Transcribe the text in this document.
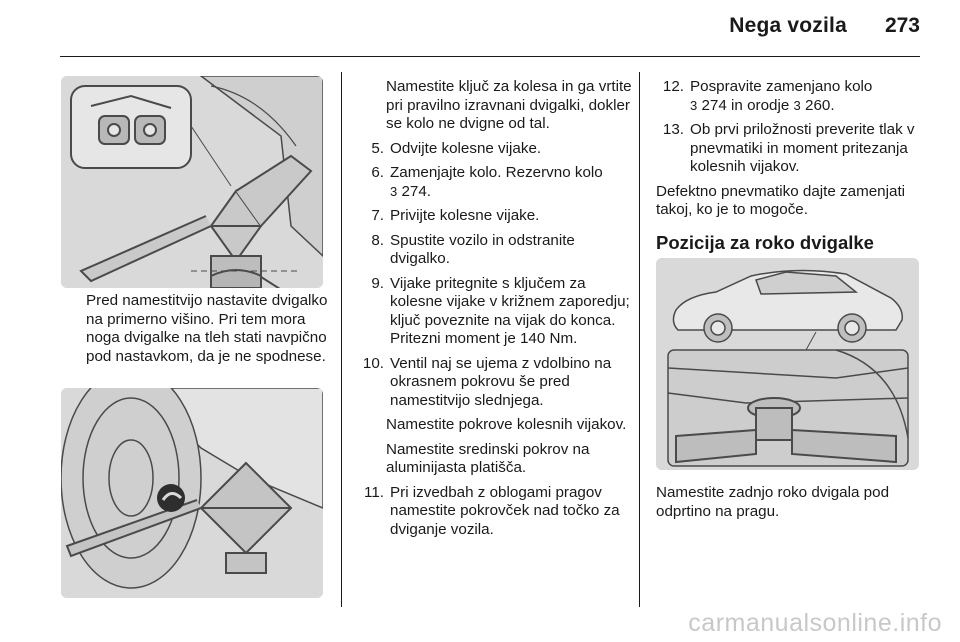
Nega vozila 273
Pred namestitvijo nastavite dvigalko na primerno višino. Pri tem mora noga dvigalke na tleh stati navpično pod nastavkom, da je ne spodnese.
Namestite ključ za kolesa in ga vrtite pri pravilno izravnani dvigalki, dokler se kolo ne dvigne od tal.
5. Odvijte kolesne vijake.
6. Zamenjajte kolo. Rezervno kolo
3 274.
7. Privijte kolesne vijake.
8. Spustite vozilo in odstranite dvigalko.
9. Vijake pritegnite s ključem za kolesne vijake v križnem zaporedju; ključ poveznite na vijak do konca. Pritezni moment je 140 Nm.
10. Ventil naj se ujema z vdolbino na okrasnem pokrovu še pred namestitvijo slednjega.
Namestite pokrove kolesnih vijakov.
Namestite sredinski pokrov na aluminijasta platišča.
11. Pri izvedbah z oblogami pragov namestite pokrovček nad točko za dviganje vozila.
12. Pospravite zamenjano kolo
3 274 in orodje 3 260.
13. Ob prvi priložnosti preverite tlak v pnevmatiki in moment pritezanja kolesnih vijakov.
Defektno pnevmatiko dajte zamenjati takoj, ko je to mogoče.
Pozicija za roko dvigalke
Namestite zadnjo roko dvigala pod odprtino na pragu.
carmanualsonline.info
